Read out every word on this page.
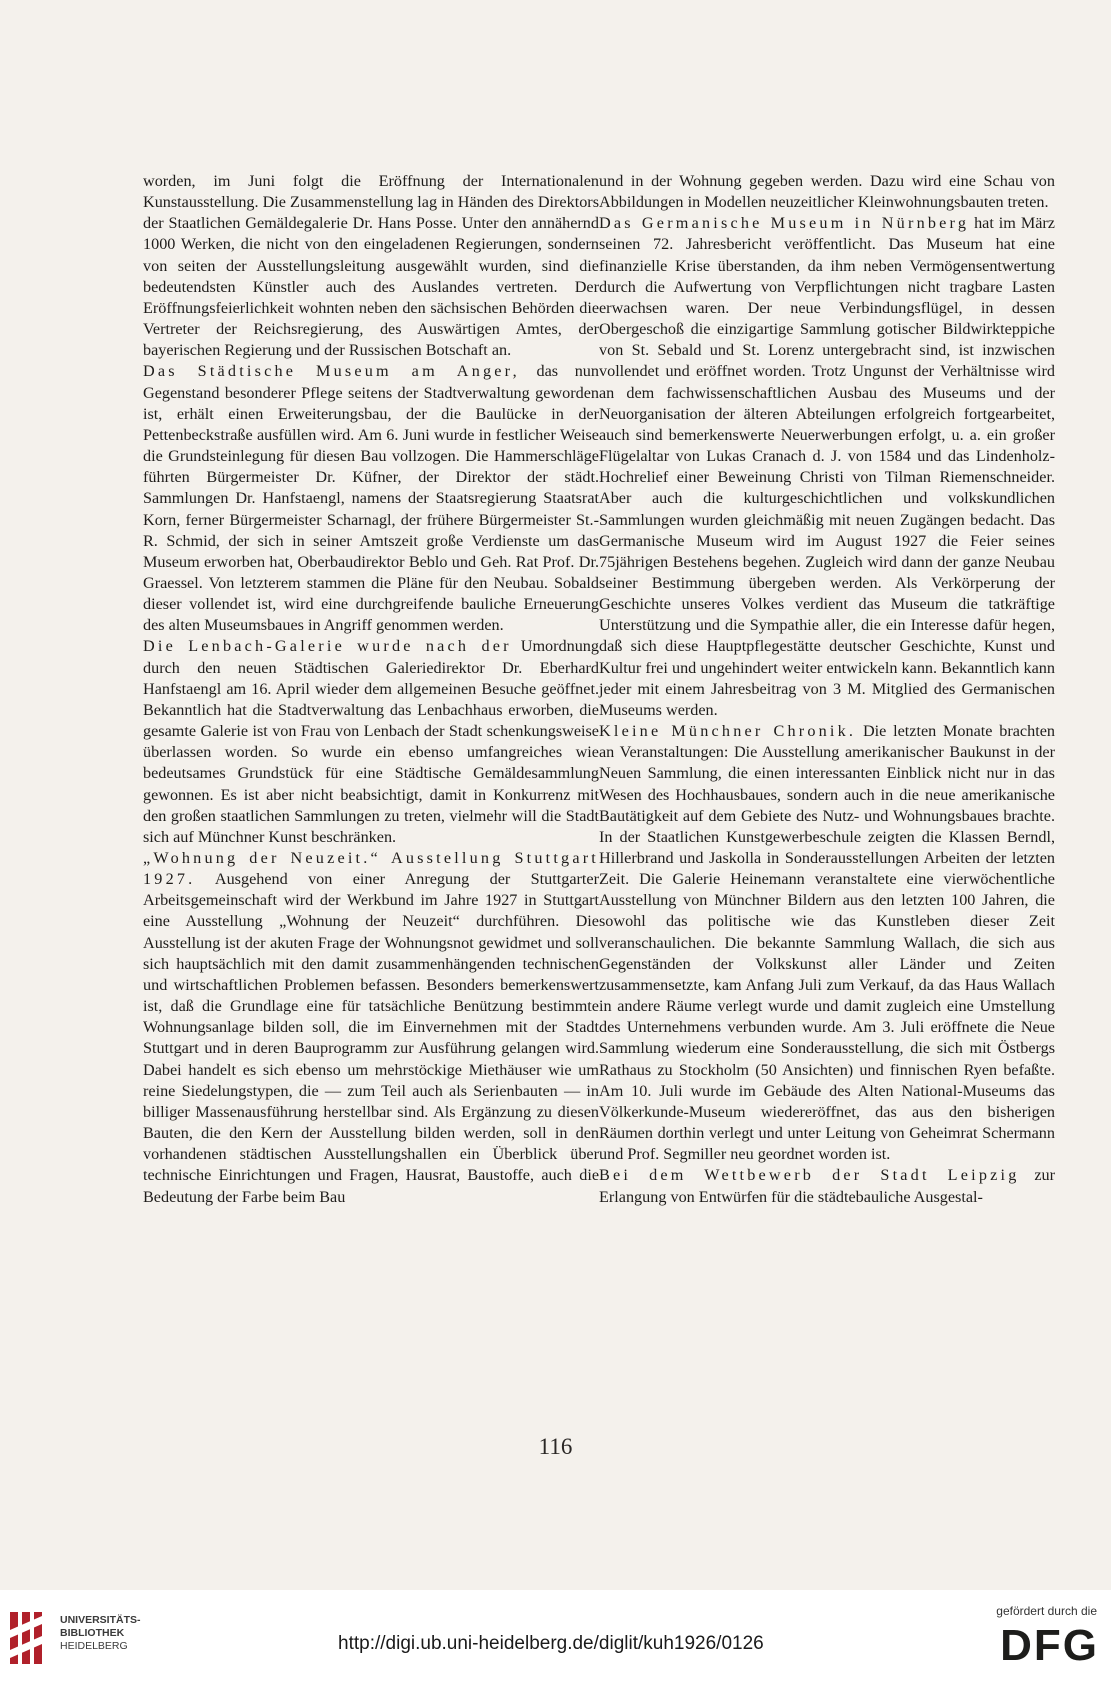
worden, im Juni folgt die Eröffnung der Internationalen Kunstausstellung. Die Zusammenstellung lag in Händen des Direktors der Staatlichen Gemäldegalerie Dr. Hans Posse. Unter den annähernd 1000 Werken, die nicht von den eingeladenen Regierungen, sondern von seiten der Ausstellungsleitung ausgewählt wurden, sind die bedeutendsten Künstler auch des Auslandes vertreten. Der Eröffnungsfeierlichkeit wohnten neben den sächsischen Behörden die Vertreter der Reichsregierung, des Auswärtigen Amtes, der bayerischen Regierung und der Russischen Botschaft an.

Das Städtische Museum am Anger, das nun Gegenstand besonderer Pflege seitens der Stadtverwaltung geworden ist, erhält einen Erweiterungsbau, der die Baulücke in der Pettenbeckstraße ausfüllen wird. Am 6. Juni wurde in festlicher Weise die Grundsteinlegung für diesen Bau vollzogen. Die Hammerschläge führten Bürgermeister Dr. Küfner, der Direktor der städt. Sammlungen Dr. Hanfstaengl, namens der Staatsregierung Staatsrat Korn, ferner Bürgermeister Scharnagl, der frühere Bürgermeister St.-R. Schmid, der sich in seiner Amtszeit große Verdienste um das Museum erworben hat, Oberbaudirektor Beblo und Geh. Rat Prof. Dr. Graessel. Von letzterem stammen die Pläne für den Neubau. Sobald dieser vollendet ist, wird eine durchgreifende bauliche Erneuerung des alten Museumsbaues in Angriff genommen werden.

Die Lenbach-Galerie wurde nach der Umordnung durch den neuen Städtischen Galeriedirektor Dr. Eberhard Hanfstaengl am 16. April wieder dem allgemeinen Besuche geöffnet. Bekanntlich hat die Stadtverwaltung das Lenbachhaus erworben, die gesamte Galerie ist von Frau von Lenbach der Stadt schenkungsweise überlassen worden. So wurde ein ebenso umfangreiches wie bedeutsames Grundstück für eine Städtische Gemäldesammlung gewonnen. Es ist aber nicht beabsichtigt, damit in Konkurrenz mit den großen staatlichen Sammlungen zu treten, vielmehr will die Stadt sich auf Münchner Kunst beschränken.

„Wohnung der Neuzeit.“ Ausstellung Stuttgart 1927. Ausgehend von einer Anregung der Stuttgarter Arbeitsgemeinschaft wird der Werkbund im Jahre 1927 in Stuttgart eine Ausstellung „Wohnung der Neuzeit“ durchführen. Die Ausstellung ist der akuten Frage der Wohnungsnot gewidmet und soll sich hauptsächlich mit den damit zusammenhängenden technischen und wirtschaftlichen Problemen befassen. Besonders bemerkenswert ist, daß die Grundlage eine für tatsächliche Benützung bestimmte Wohnungsanlage bilden soll, die im Einvernehmen mit der Stadt Stuttgart und in deren Bauprogramm zur Ausführung gelangen wird. Dabei handelt es sich ebenso um mehrstöckige Miethäuser wie um reine Siedelungstypen, die — zum Teil auch als Serienbauten — in billiger Massenausführung herstellbar sind. Als Ergänzung zu diesen Bauten, die den Kern der Ausstellung bilden werden, soll in den vorhandenen städtischen Ausstellungshallen ein Überblick über technische Einrichtungen und Fragen, Hausrat, Baustoffe, auch die Bedeutung der Farbe beim Bau

und in der Wohnung gegeben werden. Dazu wird eine Schau von Abbildungen in Modellen neuzeitlicher Kleinwohnungsbauten treten.

Das Germanische Museum in Nürnberg hat im März seinen 72. Jahresbericht veröffentlicht. Das Museum hat eine finanzielle Krise überstanden, da ihm neben Vermögensentwertung durch die Aufwertung von Verpflichtungen nicht tragbare Lasten erwachsen waren. Der neue Verbindungsflügel, in dessen Obergeschoß die einzigartige Sammlung gotischer Bildwirkteppiche von St. Sebald und St. Lorenz untergebracht sind, ist inzwischen vollendet und eröffnet worden. Trotz Ungunst der Verhältnisse wird an dem fachwissenschaftlichen Ausbau des Museums und der Neuorganisation der älteren Abteilungen erfolgreich fortgearbeitet, auch sind bemerkenswerte Neuerwerbungen erfolgt, u. a. ein großer Flügelaltar von Lukas Cranach d. J. von 1584 und das Lindenholz-Hochrelief einer Beweinung Christi von Tilman Riemenschneider. Aber auch die kulturgeschichtlichen und volkskundlichen Sammlungen wurden gleichmäßig mit neuen Zugängen bedacht. Das Germanische Museum wird im August 1927 die Feier seines 75jährigen Bestehens begehen. Zugleich wird dann der ganze Neubau seiner Bestimmung übergeben werden. Als Verkörperung der Geschichte unseres Volkes verdient das Museum die tatkräftige Unterstützung und die Sympathie aller, die ein Interesse dafür hegen, daß sich diese Hauptpflegestätte deutscher Geschichte, Kunst und Kultur frei und ungehindert weiter entwickeln kann. Bekanntlich kann jeder mit einem Jahresbeitrag von 3 M. Mitglied des Germanischen Museums werden.

Kleine Münchner Chronik. Die letzten Monate brachten an Veranstaltungen: Die Ausstellung amerikanischer Baukunst in der Neuen Sammlung, die einen interessanten Einblick nicht nur in das Wesen des Hochhausbaues, sondern auch in die neue amerikanische Bautätigkeit auf dem Gebiete des Nutz- und Wohnungsbaues brachte. In der Staatlichen Kunstgewerbeschule zeigten die Klassen Berndl, Hillerbrand und Jaskolla in Sonderausstellungen Arbeiten der letzten Zeit. Die Galerie Heinemann veranstaltete eine vierwöchentliche Ausstellung von Münchner Bildern aus den letzten 100 Jahren, die sowohl das politische wie das Kunstleben dieser Zeit veranschaulichen. Die bekannte Sammlung Wallach, die sich aus Gegenständen der Volkskunst aller Länder und Zeiten zusammensetzte, kam Anfang Juli zum Verkauf, da das Haus Wallach in andere Räume verlegt wurde und damit zugleich eine Umstellung des Unternehmens verbunden wurde. Am 3. Juli eröffnete die Neue Sammlung wiederum eine Sonderausstellung, die sich mit Östbergs Rathaus zu Stockholm (50 Ansichten) und finnischen Ryen befaßte. Am 10. Juli wurde im Gebäude des Alten National-Museums das Völkerkunde-Museum wiedereröffnet, das aus den bisherigen Räumen dorthin verlegt und unter Leitung von Geheimrat Schermann und Prof. Segmiller neu geordnet worden ist.

Bei dem Wettbewerb der Stadt Leipzig zur Erlangung von Entwürfen für die städtebauliche Ausgestal-

116
UNIVERSITÄTS-
BIBLIOTHEK
HEIDELBERG	http://digi.ub.uni-heidelberg.de/diglit/kuh1926/0126
gefördert durch die
DFG
